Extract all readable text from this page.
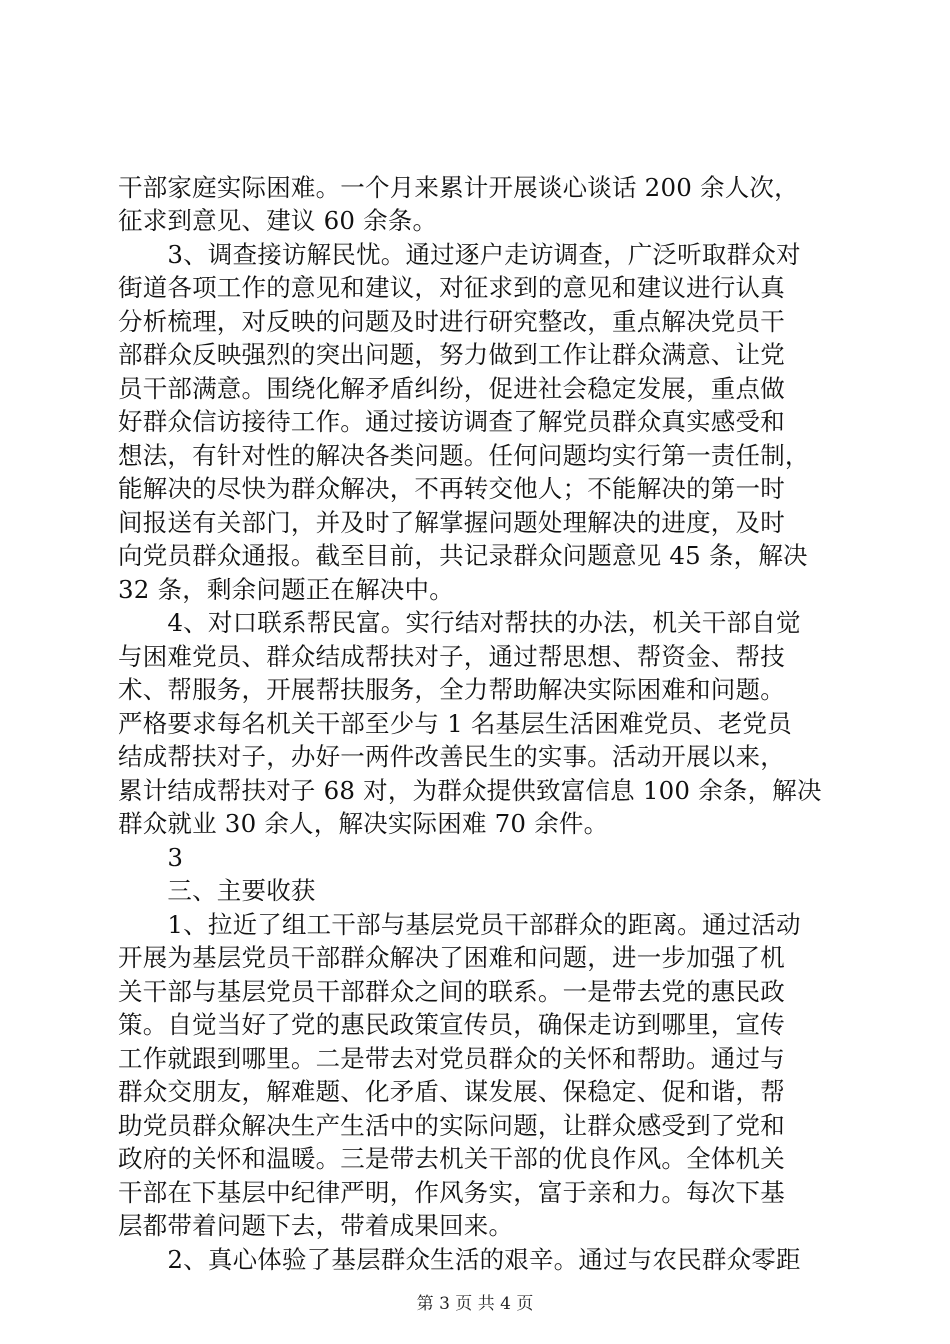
干部家庭实际困难。一个月来累计开展谈心谈话 200 余人次，
征求到意见、建议 60 余条。
　　3、调查接访解民忧。通过逐户走访调查，广泛听取群众对
街道各项工作的意见和建议，对征求到的意见和建议进行认真
分析梳理，对反映的问题及时进行研究整改，重点解决党员干
部群众反映强烈的突出问题，努力做到工作让群众满意、让党
员干部满意。围绕化解矛盾纠纷，促进社会稳定发展，重点做
好群众信访接待工作。通过接访调查了解党员群众真实感受和
想法，有针对性的解决各类问题。任何问题均实行第一责任制，
能解决的尽快为群众解决，不再转交他人；不能解决的第一时
间报送有关部门，并及时了解掌握问题处理解决的进度，及时
向党员群众通报。截至目前，共记录群众问题意见 45 条，解决
32 条，剩余问题正在解决中。
　　4、对口联系帮民富。实行结对帮扶的办法，机关干部自觉
与困难党员、群众结成帮扶对子，通过帮思想、帮资金、帮技
术、帮服务，开展帮扶服务，全力帮助解决实际困难和问题。
严格要求每名机关干部至少与 1 名基层生活困难党员、老党员
结成帮扶对子，办好一两件改善民生的实事。活动开展以来，
累计结成帮扶对子 68 对，为群众提供致富信息 100 余条，解决
群众就业 30 余人，解决实际困难 70 余件。
　　3
　　三、主要收获
　　1、拉近了组工干部与基层党员干部群众的距离。通过活动
开展为基层党员干部群众解决了困难和问题，进一步加强了机
关干部与基层党员干部群众之间的联系。一是带去党的惠民政
策。自觉当好了党的惠民政策宣传员，确保走访到哪里，宣传
工作就跟到哪里。二是带去对党员群众的关怀和帮助。通过与
群众交朋友，解难题、化矛盾、谋发展、保稳定、促和谐，帮
助党员群众解决生产生活中的实际问题，让群众感受到了党和
政府的关怀和温暖。三是带去机关干部的优良作风。全体机关
干部在下基层中纪律严明，作风务实，富于亲和力。每次下基
层都带着问题下去，带着成果回来。
　　2、真心体验了基层群众生活的艰辛。通过与农民群众零距
第 3 页 共 4 页
